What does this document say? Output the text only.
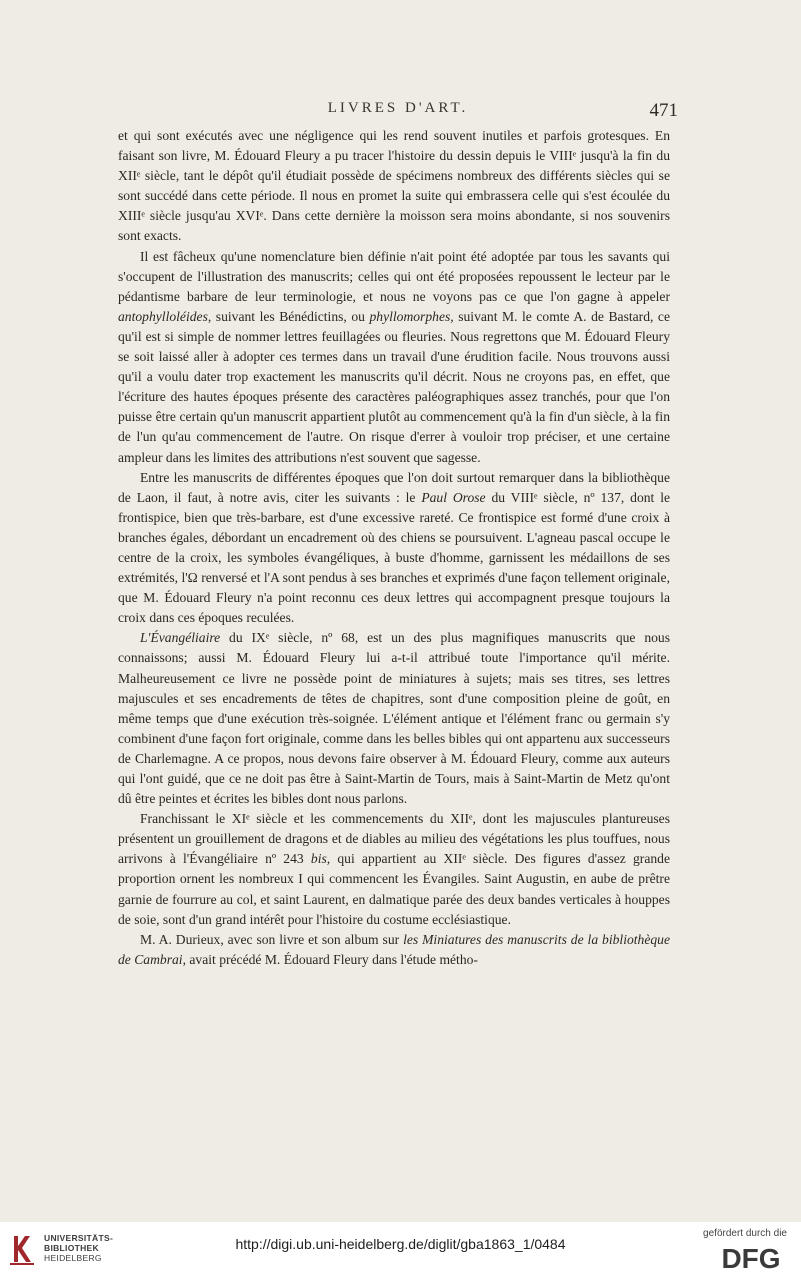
LIVRES D'ART.	471

et qui sont exécutés avec une négligence qui les rend souvent inutiles et parfois grotesques. En faisant son livre, M. Édouard Fleury a pu tracer l'histoire du dessin depuis le VIIIᵉ jusqu'à la fin du XIIᵉ siècle, tant le dépôt qu'il étudiait possède de spécimens nombreux des différents siècles qui se sont succédé dans cette période. Il nous en promet la suite qui embrassera celle qui s'est écoulée du XIIIᵉ siècle jusqu'au XVIᵉ. Dans cette dernière la moisson sera moins abondante, si nos souvenirs sont exacts.

Il est fâcheux qu'une nomenclature bien définie n'ait point été adoptée par tous les savants qui s'occupent de l'illustration des manuscrits; celles qui ont été proposées repoussent le lecteur par le pédantisme barbare de leur terminologie, et nous ne voyons pas ce que l'on gagne à appeler antophylloléides, suivant les Bénédictins, ou phyllomorphes, suivant M. le comte A. de Bastard, ce qu'il est si simple de nommer lettres feuillagées ou fleuries. Nous regrettons que M. Édouard Fleury se soit laissé aller à adopter ces termes dans un travail d'une érudition facile. Nous trouvons aussi qu'il a voulu dater trop exactement les manuscrits qu'il décrit. Nous ne croyons pas, en effet, que l'écriture des hautes époques présente des caractères paléographiques assez tranchés, pour que l'on puisse être certain qu'un manuscrit appartient plutôt au commencement qu'à la fin d'un siècle, à la fin de l'un qu'au commencement de l'autre. On risque d'errer à vouloir trop préciser, et une certaine ampleur dans les limites des attributions n'est souvent que sagesse.

Entre les manuscrits de différentes époques que l'on doit surtout remarquer dans la bibliothèque de Laon, il faut, à notre avis, citer les suivants : le Paul Orose du VIIIᵉ siècle, nº 137, dont le frontispice, bien que très-barbare, est d'une excessive rareté. Ce frontispice est formé d'une croix à branches égales, débordant un encadrement où des chiens se poursuivent. L'agneau pascal occupe le centre de la croix, les symboles évangéliques, à buste d'homme, garnissent les médaillons de ses extrémités, l'Ω renversé et l'A sont pendus à ses branches et exprimés d'une façon tellement originale, que M. Édouard Fleury n'a point reconnu ces deux lettres qui accompagnent presque toujours la croix dans ces époques reculées.

L'Évangéliaire du IXᵉ siècle, nº 68, est un des plus magnifiques manuscrits que nous connaissons; aussi M. Édouard Fleury lui a-t-il attribué toute l'importance qu'il mérite. Malheureusement ce livre ne possède point de miniatures à sujets; mais ses titres, ses lettres majuscules et ses encadrements de têtes de chapitres, sont d'une composition pleine de goût, en même temps que d'une exécution très-soignée. L'élément antique et l'élément franc ou germain s'y combinent d'une façon fort originale, comme dans les belles bibles qui ont appartenu aux successeurs de Charlemagne. A ce propos, nous devons faire observer à M. Édouard Fleury, comme aux auteurs qui l'ont guidé, que ce ne doit pas être à Saint-Martin de Tours, mais à Saint-Martin de Metz qu'ont dû être peintes et écrites les bibles dont nous parlons.

Franchissant le XIᵉ siècle et les commencements du XIIᵉ, dont les majuscules plantureuses présentent un grouillement de dragons et de diables au milieu des végétations les plus touffues, nous arrivons à l'Évangéliaire nº 243 bis, qui appartient au XIIᵉ siècle. Des figures d'assez grande proportion ornent les nombreux I qui commencent les Évangiles. Saint Augustin, en aube de prêtre garnie de fourrure au col, et saint Laurent, en dalmatique parée des deux bandes verticales à houppes de soie, sont d'un grand intérêt pour l'histoire du costume ecclésiastique.

M. A. Durieux, avec son livre et son album sur les Miniatures des manuscrits de la bibliothèque de Cambrai, avait précédé M. Édouard Fleury dans l'étude métho-

UNIVERSITÄTS-
BIBLIOTHEK
HEIDELBERG
http://digi.ub.uni-heidelberg.de/diglit/gba1863_1/0484
gefördert durch die
DFG
